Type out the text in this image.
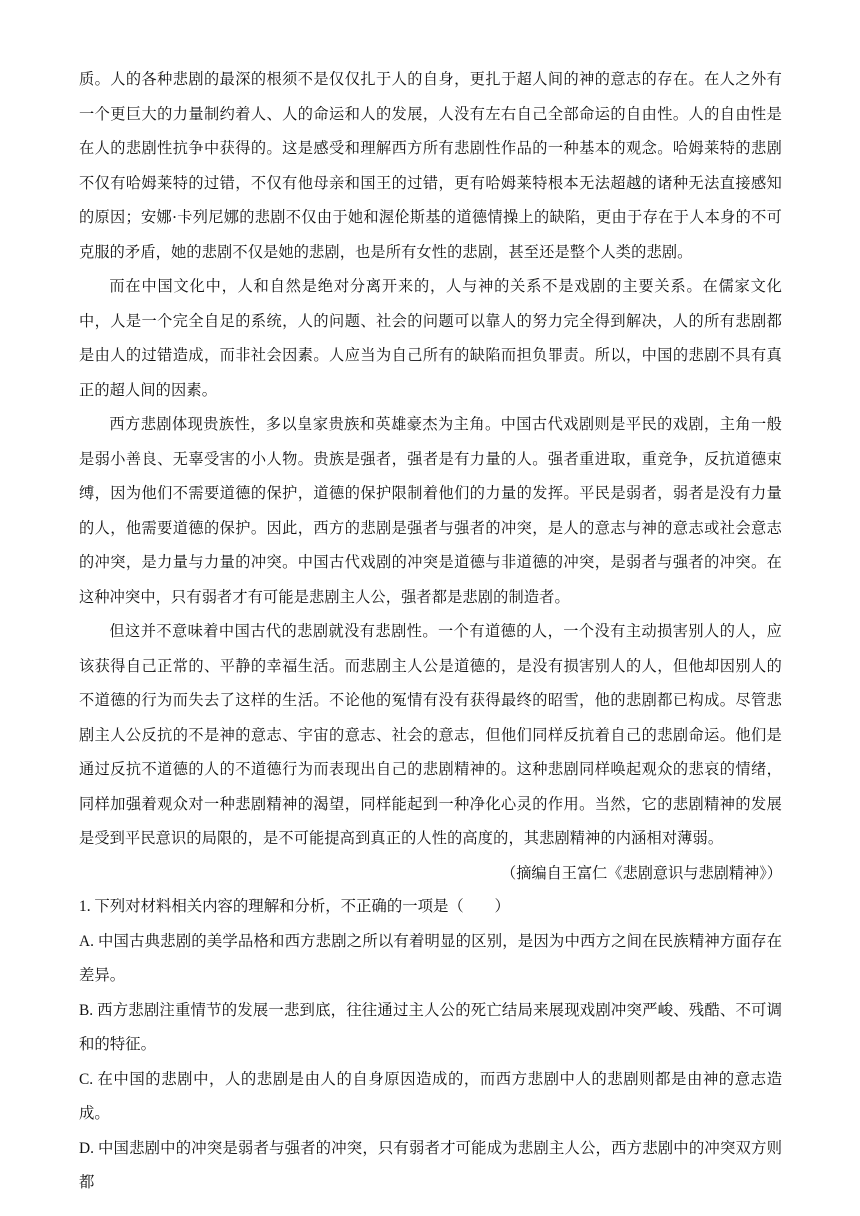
质。人的各种悲剧的最深的根须不是仅仅扎于人的自身，更扎于超人间的神的意志的存在。在人之外有一个更巨大的力量制约着人、人的命运和人的发展，人没有左右自己全部命运的自由性。人的自由性是在人的悲剧性抗争中获得的。这是感受和理解西方所有悲剧性作品的一种基本的观念。哈姆莱特的悲剧不仅有哈姆莱特的过错，不仅有他母亲和国王的过错，更有哈姆莱特根本无法超越的诸种无法直接感知的原因；安娜·卡列尼娜的悲剧不仅由于她和渥伦斯基的道德情操上的缺陷，更由于存在于人本身的不可克服的矛盾，她的悲剧不仅是她的悲剧，也是所有女性的悲剧，甚至还是整个人类的悲剧。

而在中国文化中，人和自然是绝对分离开来的，人与神的关系不是戏剧的主要关系。在儒家文化中，人是一个完全自足的系统，人的问题、社会的问题可以靠人的努力完全得到解决，人的所有悲剧都是由人的过错造成，而非社会因素。人应当为自己所有的缺陷而担负罪责。所以，中国的悲剧不具有真正的超人间的因素。

西方悲剧体现贵族性，多以皇家贵族和英雄豪杰为主角。中国古代戏剧则是平民的戏剧，主角一般是弱小善良、无辜受害的小人物。贵族是强者，强者是有力量的人。强者重进取，重竞争，反抗道德束缚，因为他们不需要道德的保护，道德的保护限制着他们的力量的发挥。平民是弱者，弱者是没有力量的人，他需要道德的保护。因此，西方的悲剧是强者与强者的冲突，是人的意志与神的意志或社会意志的冲突，是力量与力量的冲突。中国古代戏剧的冲突是道德与非道德的冲突，是弱者与强者的冲突。在这种冲突中，只有弱者才有可能是悲剧主人公，强者都是悲剧的制造者。

但这并不意味着中国古代的悲剧就没有悲剧性。一个有道德的人，一个没有主动损害别人的人，应该获得自己正常的、平静的幸福生活。而悲剧主人公是道德的，是没有损害别人的人，但他却因别人的不道德的行为而失去了这样的生活。不论他的冤情有没有获得最终的昭雪，他的悲剧都已构成。尽管悲剧主人公反抗的不是神的意志、宇宙的意志、社会的意志，但他们同样反抗着自己的悲剧命运。他们是通过反抗不道德的人的不道德行为而表现出自己的悲剧精神的。这种悲剧同样唤起观众的悲哀的情绪，同样加强着观众对一种悲剧精神的渴望，同样能起到一种净化心灵的作用。当然，它的悲剧精神的发展是受到平民意识的局限的，是不可能提高到真正的人性的高度的，其悲剧精神的内涵相对薄弱。

（摘编自王富仁《悲剧意识与悲剧精神》）

1. 下列对材料相关内容的理解和分析，不正确的一项是（　　）

A. 中国古典悲剧的美学品格和西方悲剧之所以有着明显的区别，是因为中西方之间在民族精神方面存在差异。

B. 西方悲剧注重情节的发展一悲到底，往往通过主人公的死亡结局来展现戏剧冲突严峻、残酷、不可调和的特征。

C. 在中国的悲剧中，人的悲剧是由人的自身原因造成的，而西方悲剧中人的悲剧则都是由神的意志造成。

D. 中国悲剧中的冲突是弱者与强者的冲突，只有弱者才可能成为悲剧主人公，西方悲剧中的冲突双方则都
